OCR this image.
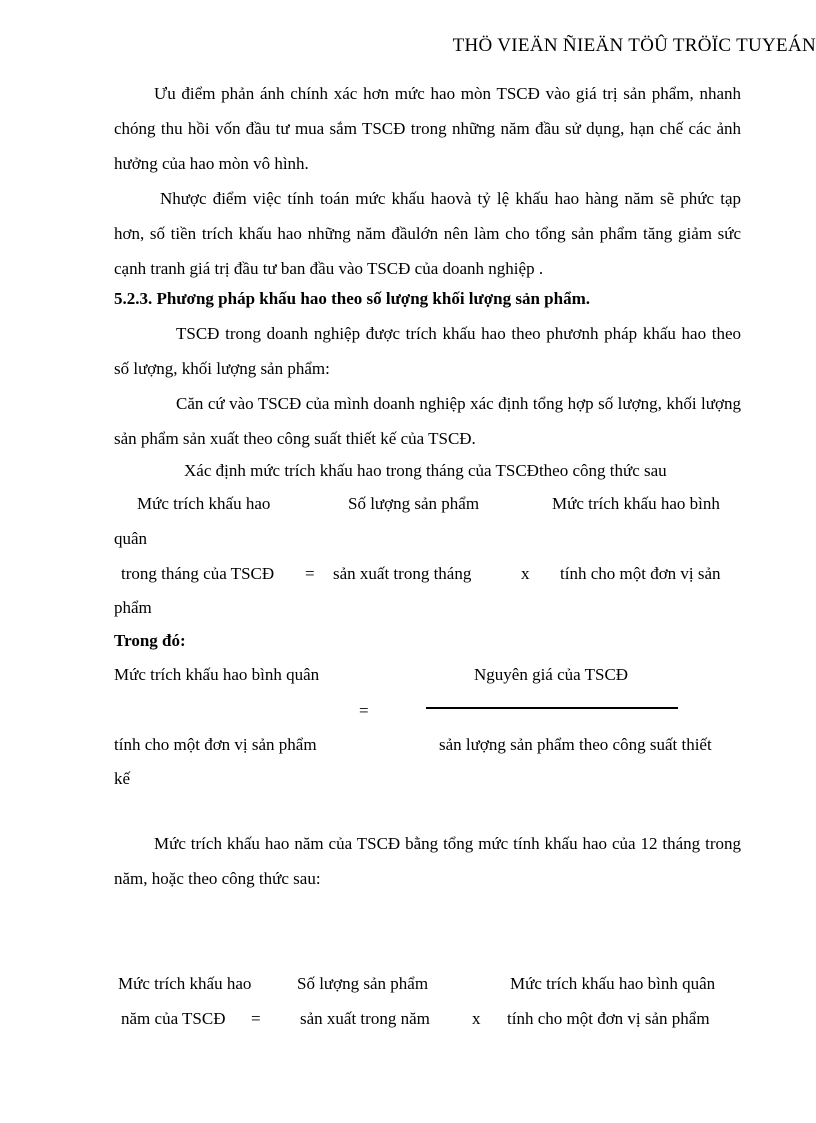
THÖ VIEÄN ÑIEÄN TÖÛ TRÖÏC TUYEÁN

Ưu điểm phản ánh chính xác hơn mức hao mòn TSCĐ vào giá trị sản phẩm, nhanh chóng thu hồi vốn đầu tư mua sắm TSCĐ trong những năm đầu sử dụng, hạn chế các ảnh hưởng của hao mòn vô hình.

Nhược điểm việc tính toán mức khấu haovà tỷ lệ khấu hao hàng năm sẽ phức tạp hơn, số tiền trích khấu hao những năm đầulớn nên làm cho tổng sản phẩm tăng giảm sức cạnh tranh giá trị đầu tư ban đầu vào TSCĐ của doanh nghiệp .

5.2.3. Phương pháp khấu hao theo số lượng khối lượng sản phẩm.

TSCĐ trong doanh nghiệp được trích khấu hao theo phươnh pháp khấu hao theo số lượng, khối lượng sản phẩm:

Căn cứ vào TSCĐ của mình doanh nghiệp xác định tổng hợp số lượng, khối lượng sản phẩm sản xuất theo công suất thiết kế của TSCĐ.

Xác định mức trích khấu hao trong tháng của TSCĐtheo công thức sau
Mức trích khấu hao	Số lượng sản phẩm	Mức trích khấu hao bình
quân
trong tháng của TSCĐ = sản xuất trong tháng	x tính cho một đơn vị sản
phẩm
Trong đó:
Mức trích khấu hao bình quân	Nguyên giá của TSCĐ
=
tính cho một đơn vị sản phẩm	sản lượng sản phẩm theo công suất thiết
kế

Mức trích khấu hao năm của TSCĐ bằng tổng mức tính khấu hao của 12 tháng trong năm, hoặc theo công thức sau:

Mức trích khấu hao	Số lượng sản phẩm	Mức trích khấu hao bình quân
năm của TSCĐ = sản xuất trong năm x tính cho một đơn vị sản phẩm
